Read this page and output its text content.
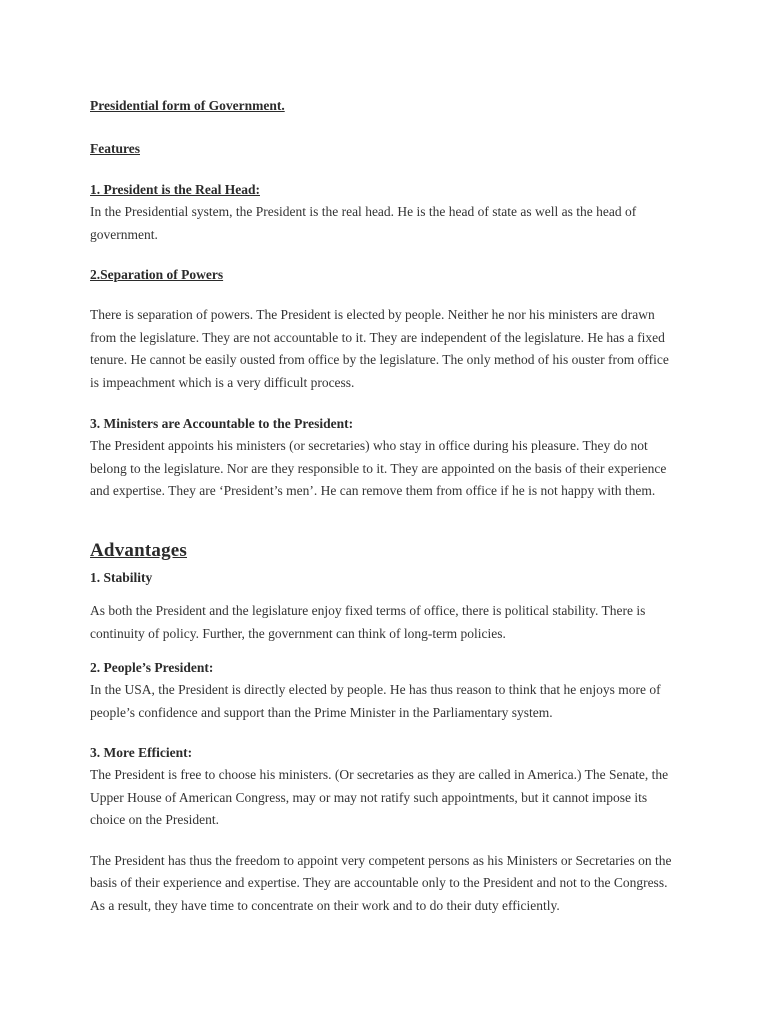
Presidential form of Government.
Features
1. President is the Real Head:

In the Presidential system, the President is the real head. He is the head of state as well as the head of government.

2.Separation of Powers

There is separation of powers. The President is elected by people. Neither he nor his ministers are drawn from the legislature. They are not accountable to it. They are independent of the legislature. He has a fixed tenure. He cannot be easily ousted from office by the legislature. The only method of his ouster from office is impeachment which is a very difficult process.

3. Ministers are Accountable to the President:

The President appoints his ministers (or secretaries) who stay in office during his pleasure. They do not belong to the legislature. Nor are they responsible to it. They are appointed on the basis of their experience and expertise. They are ‘President’s men’. He can remove them from office if he is not happy with them.

Advantages
1. Stability

As both the President and the legislature enjoy fixed terms of office, there is political stability. There is continuity of policy. Further, the government can think of long-term policies.

2. People’s President:

In the USA, the President is directly elected by people. He has thus reason to think that he enjoys more of people’s confidence and support than the Prime Minister in the Parliamentary system.

3. More Efficient:

The President is free to choose his ministers. (Or secretaries as they are called in America.) The Senate, the Upper House of American Congress, may or may not ratify such appointments, but it cannot impose its choice on the President.

The President has thus the freedom to appoint very competent persons as his Ministers or Secretaries on the basis of their experience and expertise. They are accountable only to the President and not to the Congress. As a result, they have time to concentrate on their work and to do their duty efficiently.
